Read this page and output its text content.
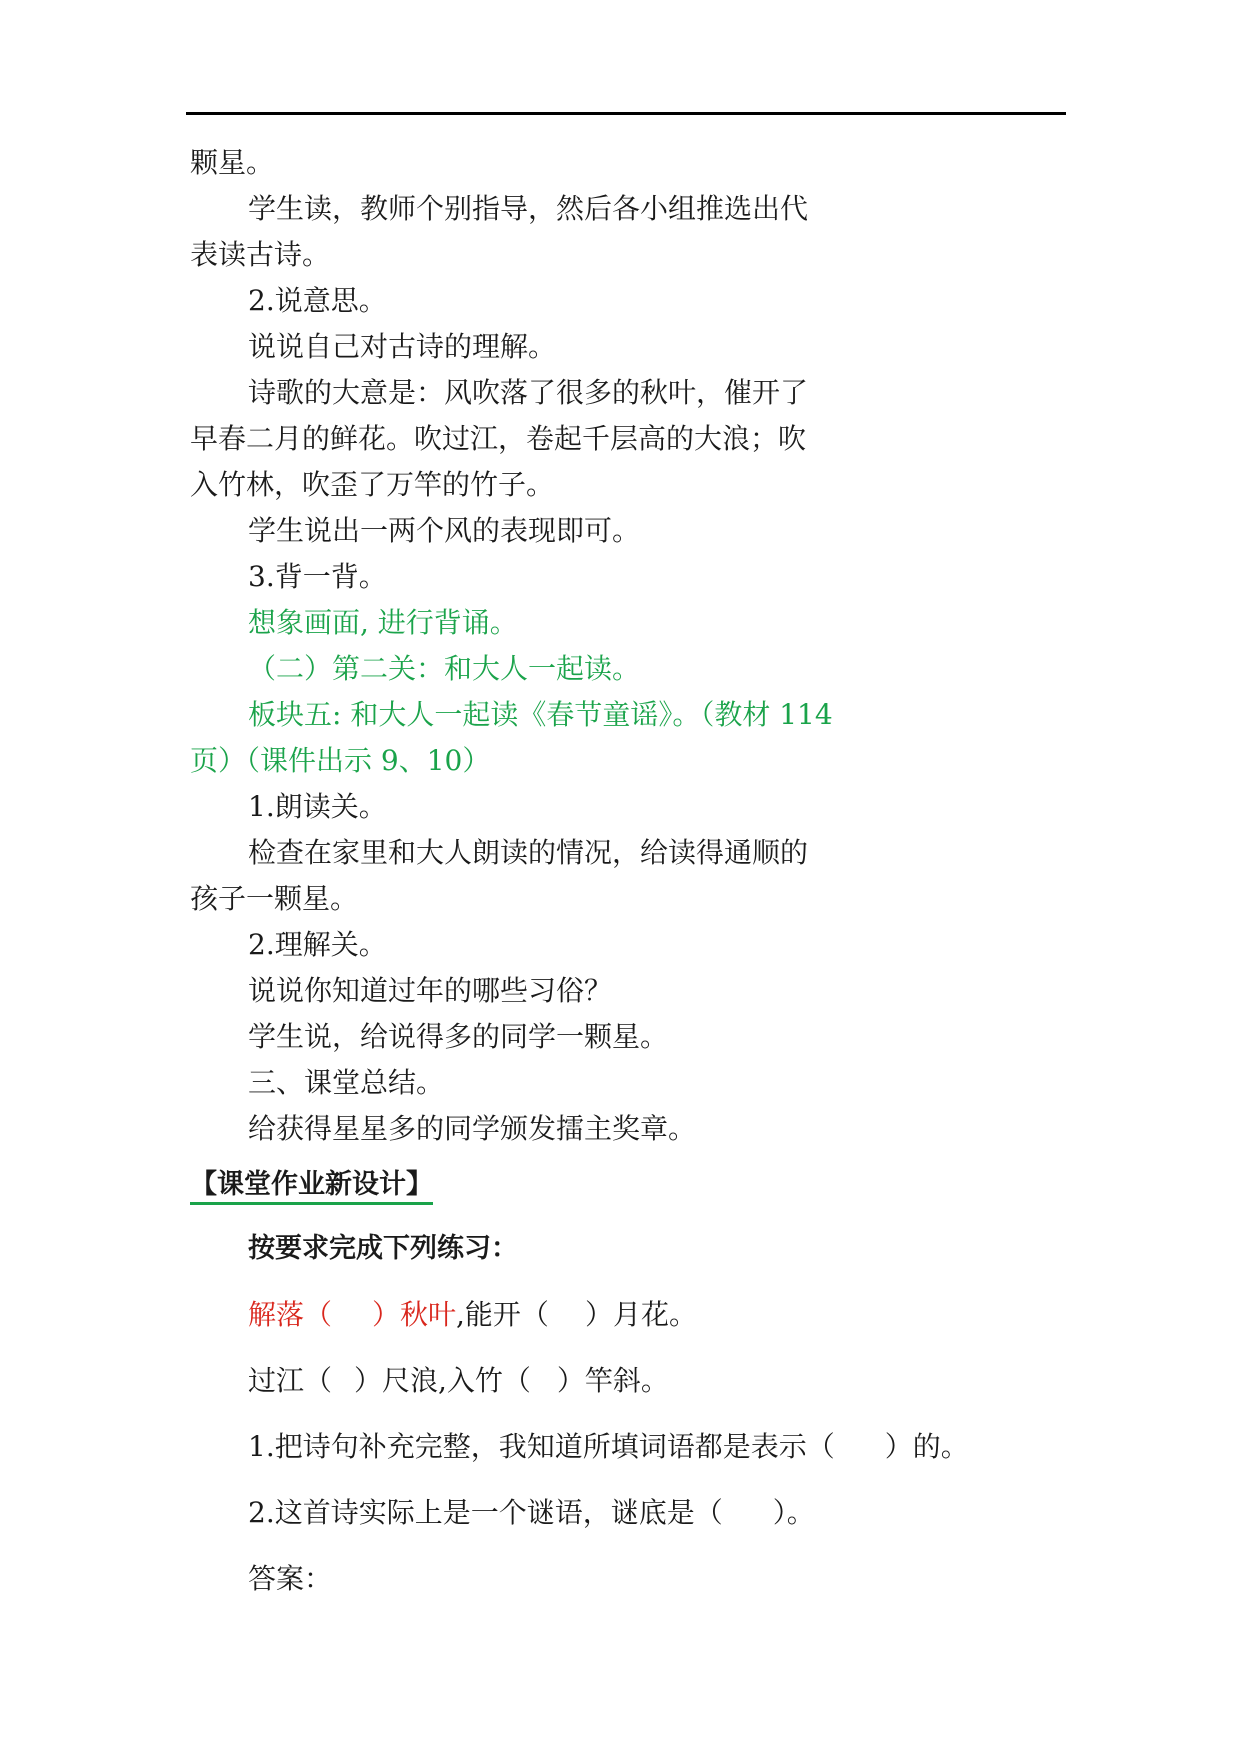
颗星。
学生读，教师个别指导，然后各小组推选出代
表读古诗。
2.说意思。
说说自己对古诗的理解。
诗歌的大意是：风吹落了很多的秋叶，催开了
早春二月的鲜花。吹过江，卷起千层高的大浪；吹
入竹林，吹歪了万竿的竹子。
学生说出一两个风的表现即可。
3.背一背。
想象画面, 进行背诵。
（二）第二关：和大人一起读。
板块五: 和大人一起读《春节童谣》。（教材 114
页）（课件出示 9、10）
1.朗读关。
检查在家里和大人朗读的情况，给读得通顺的
孩子一颗星。
2.理解关。
说说你知道过年的哪些习俗？
学生说，给说得多的同学一颗星。
三、课堂总结。
给获得星星多的同学颁发擂主奖章。
【课堂作业新设计】
按要求完成下列练习：
解落（ ）秋叶,能开（ ）月花。
过江（ ）尺浪,入竹（ ）竿斜。
1.把诗句补充完整，我知道所填词语都是表示（ ）的。
2.这首诗实际上是一个谜语，谜底是（ ）。
答案：
